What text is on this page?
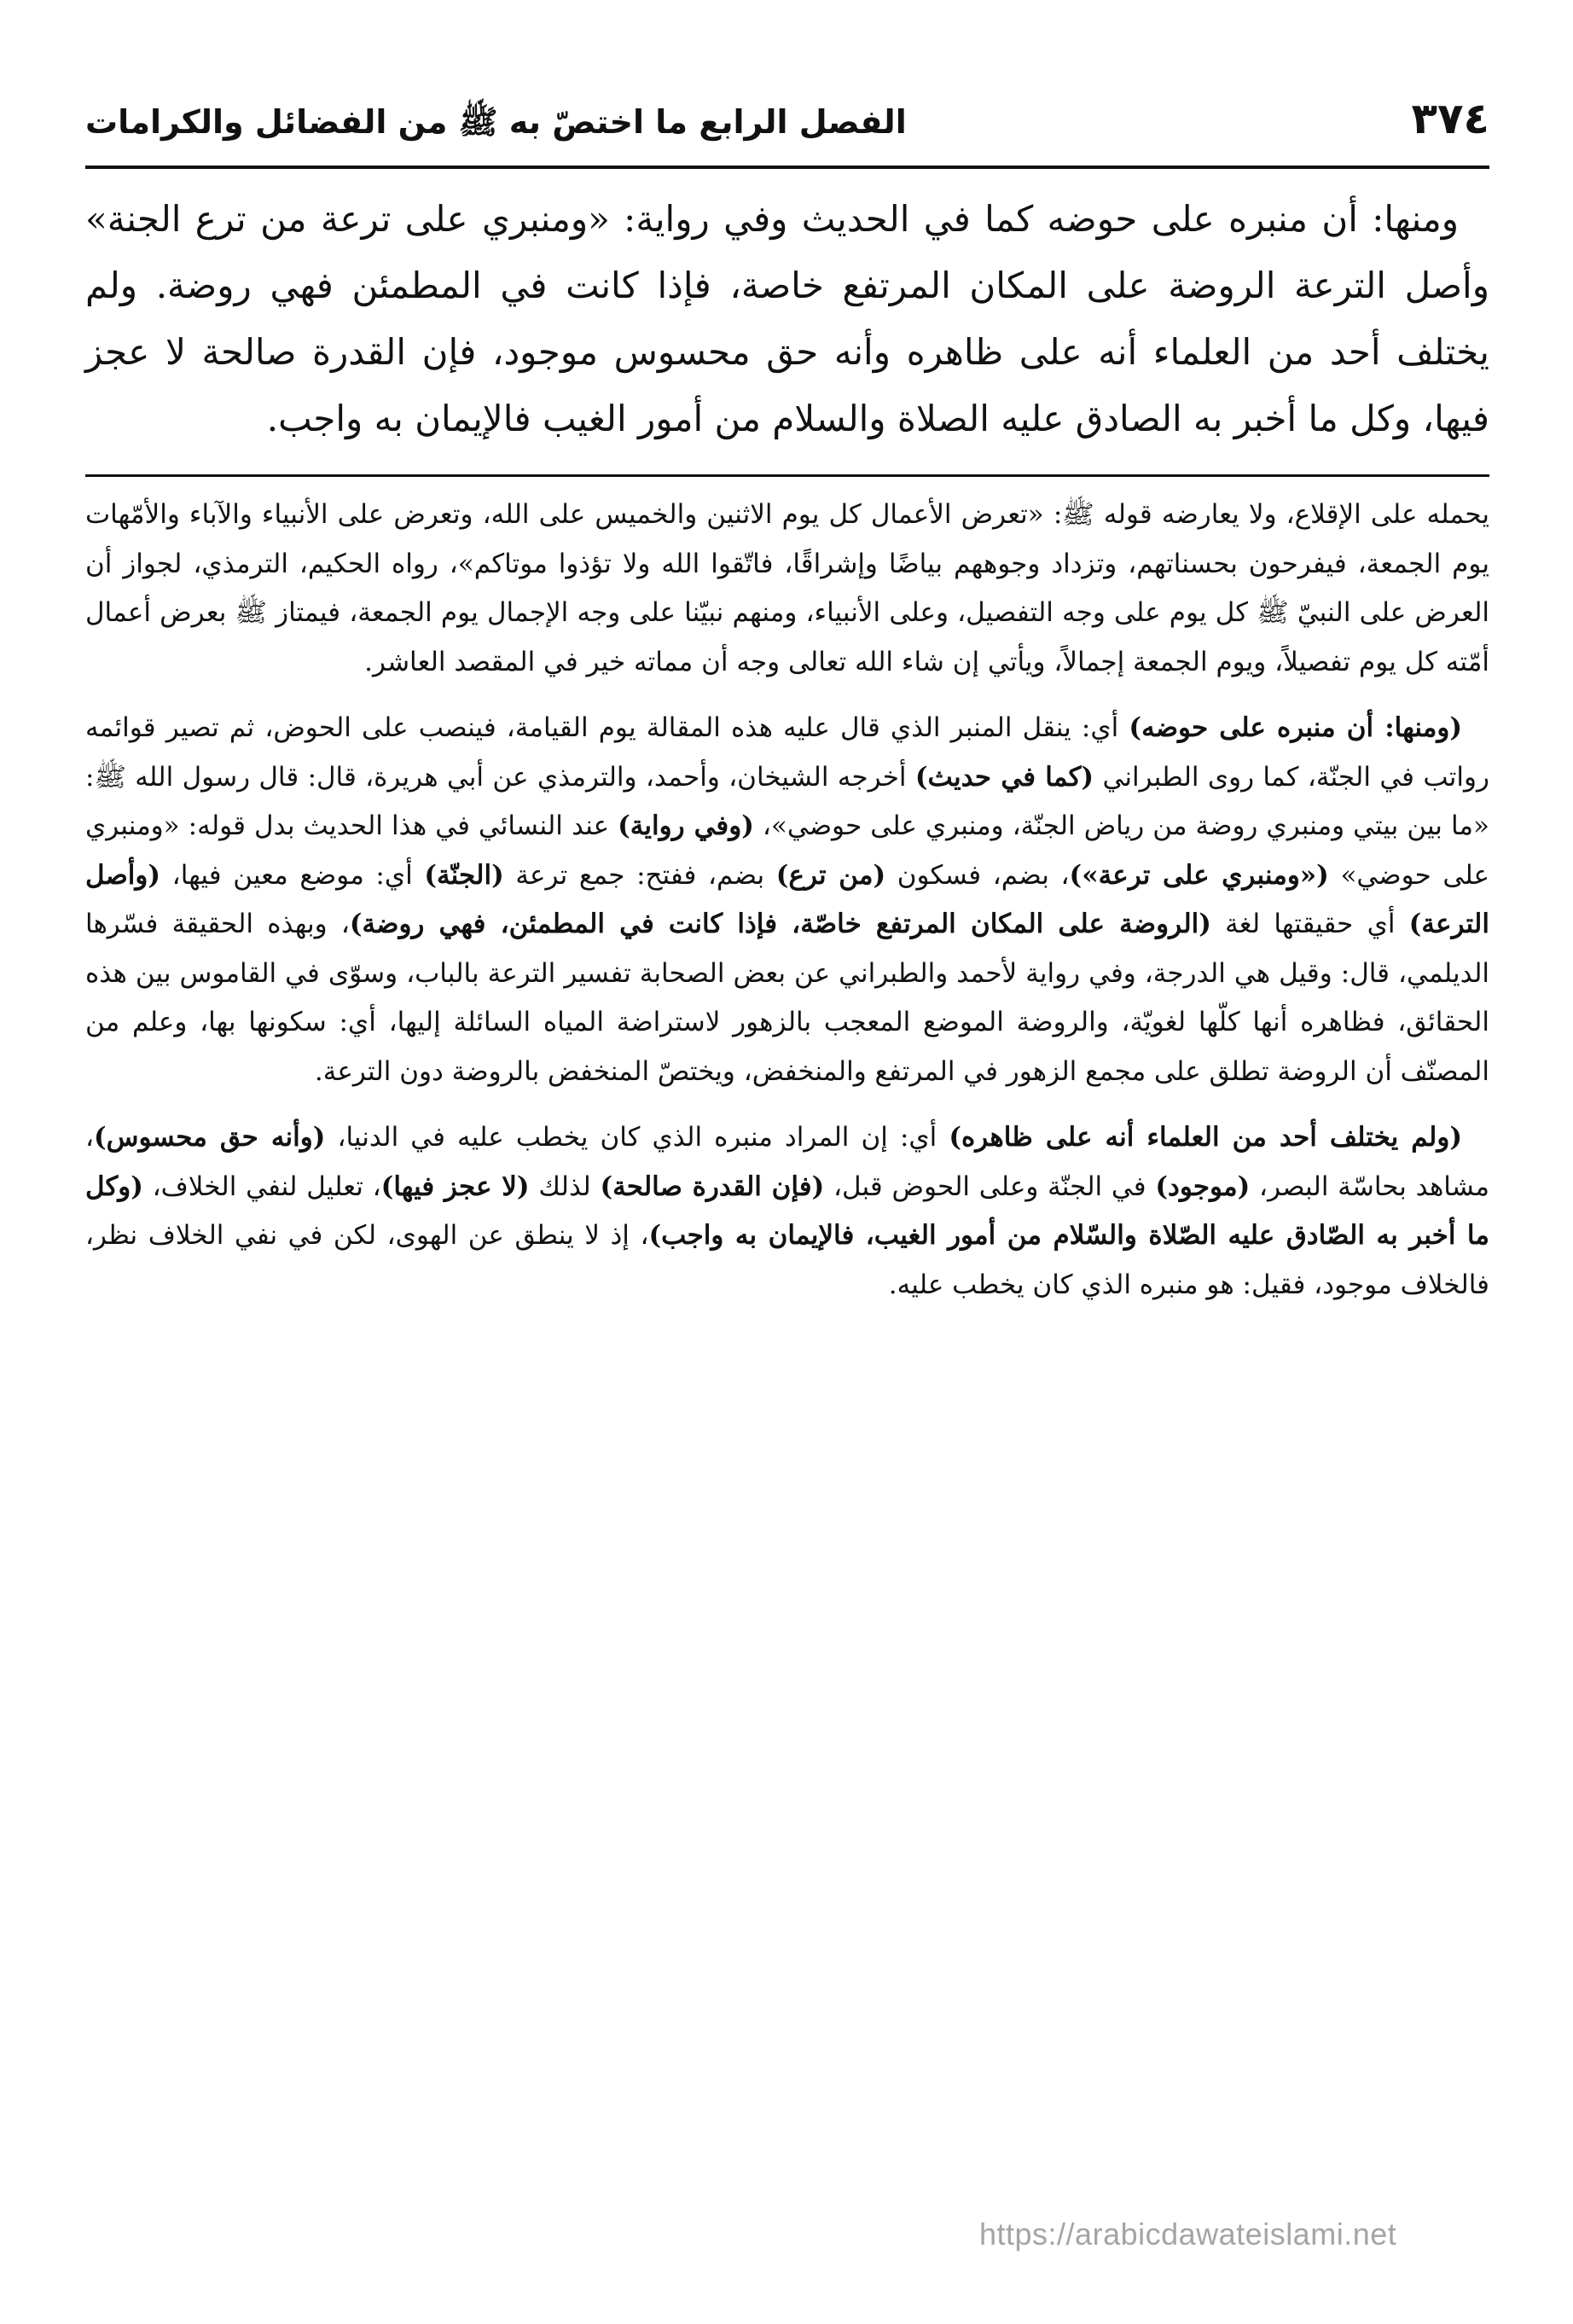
٣٧٤
الفصل الرابع ما اختصّ به ﷺ من الفضائل والكرامات

ومنها: أن منبره على حوضه كما في الحديث وفي رواية: «ومنبري على ترعة من ترع الجنة» وأصل الترعة الروضة على المكان المرتفع خاصة، فإذا كانت في المطمئن فهي روضة. ولم يختلف أحد من العلماء أنه على ظاهره وأنه حق محسوس موجود، فإن القدرة صالحة لا عجز فيها، وكل ما أخبر به الصادق عليه الصلاة والسلام من أمور الغيب فالإيمان به واجب.

يحمله على الإقلاع، ولا يعارضه قوله ﷺ: «تعرض الأعمال كل يوم الاثنين والخميس على الله، وتعرض على الأنبياء والآباء والأمّهات يوم الجمعة، فيفرحون بحسناتهم، وتزداد وجوههم بياضًا وإشراقًا، فاتّقوا الله ولا تؤذوا موتاكم»، رواه الحكيم، الترمذي، لجواز أن العرض على النبيّ ﷺ كل يوم على وجه التفصيل، وعلى الأنبياء، ومنهم نبيّنا على وجه الإجمال يوم الجمعة، فيمتاز ﷺ بعرض أعمال أمّته كل يوم تفصيلاً، ويوم الجمعة إجمالاً، ويأتي إن شاء الله تعالى وجه أن مماته خير في المقصد العاشر.

(ومنها: أن منبره على حوضه) أي: ينقل المنبر الذي قال عليه هذه المقالة يوم القيامة، فينصب على الحوض، ثم تصير قوائمه رواتب في الجنّة، كما روى الطبراني (كما في حديث) أخرجه الشيخان، وأحمد، والترمذي عن أبي هريرة، قال: قال رسول الله ﷺ: «ما بين بيتي ومنبري روضة من رياض الجنّة، ومنبري على حوضي»، (وفي رواية) عند النسائي في هذا الحديث بدل قوله: «ومنبري على حوضي» («ومنبري على ترعة»)، بضم، فسكون (من ترع) بضم، ففتح: جمع ترعة (الجنّة) أي: موضع معين فيها، (وأصل الترعة) أي حقيقتها لغة (الروضة على المكان المرتفع خاصّة، فإذا كانت في المطمئن، فهي روضة)، وبهذه الحقيقة فسّرها الديلمي، قال: وقيل هي الدرجة، وفي رواية لأحمد والطبراني عن بعض الصحابة تفسير الترعة بالباب، وسوّى في القاموس بين هذه الحقائق، فظاهره أنها كلّها لغويّة، والروضة الموضع المعجب بالزهور لاستراضة المياه السائلة إليها، أي: سكونها بها، وعلم من المصنّف أن الروضة تطلق على مجمع الزهور في المرتفع والمنخفض، ويختصّ المنخفض بالروضة دون الترعة.

(ولم يختلف أحد من العلماء أنه على ظاهره) أي: إن المراد منبره الذي كان يخطب عليه في الدنيا، (وأنه حق محسوس)، مشاهد بحاسّة البصر، (موجود) في الجنّة وعلى الحوض قبل، (فإن القدرة صالحة) لذلك (لا عجز فيها)، تعليل لنفي الخلاف، (وكل ما أخبر به الصّادق عليه الصّلاة والسّلام من أمور الغيب، فالإيمان به واجب)، إذ لا ينطق عن الهوى، لكن في نفي الخلاف نظر، فالخلاف موجود، فقيل: هو منبره الذي كان يخطب عليه.

https://arabicdawateislami.net
